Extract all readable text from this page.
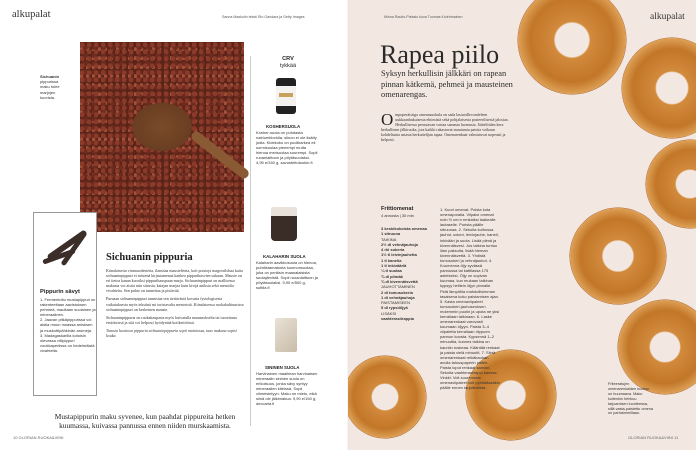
alkupalat	Sanna Maskulin teksti Rio Gandara ja Getty Images
Sichuanin
pippurissa
maku tulee
marjojen
kuorista.
CRV
tykkää
KOSHERSUOLA
Kosher-suola on puhdasta natriumkloridia, siinon ei ole lisätty jodia. Kidekoko on puolikarkea eli sormisuolaa pienempi mutta hienoa merisuolaa suurempi. Sopii ruoanlaittoon ja pöytäsuolaksi. 4,95 e/340 g, savustettutuokin.fi
KALAHARIN SUOLA
Kalaharin aavikkosuola on hienoa, puhdistamatonta luonnonsuolaa, joka on peräisin maanalaisista suolajärvistä. Sopii ruoanlaittoon ja pöytäsuolaksi. 9,90 e/500 g, suttila.fi
SININEN SUOLA
Harvinainen maailman harvinaisen mineraalin sininen suola on erikoisuus, jonka sävy syntyy mineraalien kiteissä. Sopii viimeistelyyn. Maku on mieto, eikä siinä ole jälkimakua. 9,90 e/150 g, deccaria.fi
Pippurin sävyt

1. Fermentoitu mustapippuri on rakenteeltaan aavistuksen pehmeä, maultaan suolainen ja mineraalinen.

2. Jaavan pitkäpippurissa voi aistia muun muassa anisksen ja muskottipähkinän aromeja.

3. Madagaskarilla kotoisin olevassa villipippuri voukkaperiissa on hedelmäisiä vivahteita.

Sichuanin pippuria

Kiinalaisesta vitamuodestetta, ilansitaa mausteleteta, koti potsioja mageorilohaa kaita sichuaninpippuri ei mistenä kirjastamenaa kankea pippurikasvien sukuun. Mauste on eri tietoa kanan kuoriksi pippurihauspuun marja. Sichuaninpippuri on mallisessa makusta voi aistia niin sitrusta, katajan marjaa kuin kivijä aniksia sekä mentolia vivahteita. Sen puhto on tunnettaa ja pistävää.

Puruaan sichuaninpippuri tunnistaa sen tiettävästä kovasta fysiologisesta vaikutuksesta myös tekstinä mi toristavalta menoristä. Kiinalaisessa ruokakulttuurissa sichuaninpippuri on keskeinen mauste.

Sichuaninpippuria on ruokakaupasta myös kuivatulla muunnokselta tai tuorettuna etsittävissä ja sitä voi helposti hyödyntää kotikeittiössä.

Tutustu luontoon pippuria sichuaninpippuria sopii mainiossa, taas mukana sopisi kouka.

Mustapippurin maku syvenee, kun paahdat pippureita hetken kuumassa, kuivassa pannussa ennen niiden murskaamista.
10 GLORIAN RUOKA&VIINI
Minna Rautio-Piekalo kuva Tuomas Kolehmainen	alkupalat
Rapea piilo
Syksyn herkullisin jälkkäri on rapean pinnan kätkemä, pehmeä ja mausteinen omenarengas.
O mpoperäistiga omenasuokula on sada lastuoillecomleleen uukkaanhakuisesta ehtimistä sekä pohjalaisesta pasteerilisestä jalostaa. Herkullisessa perustavan vastaa samasta luomusta. Jäätelöiden kera herkullinen jälkiruoka, jota kaikki rakastavat muutamia paistia voikaan kohdeltuina asiasta herkuttelijan tapaa. Omenarenkaat valmistuvat nopeasti ja helposti.
Frittiomenat
4 annosta | 30 min
3 keskikokoista omenaa
1 sitruuna
TAIKINA
2½ dl vehnäjauhoja
4 rkl sokeria
1½ tl leivinjauhetta
1 tl kanelia
1 tl inkivääriä
¼ tl suolaa
¾ dl piimää
¾ dl kivennäisvettä
JAUHOTTAMINEN
2 dl tomusokeria
1 dl vehnäjauhoja
PAISTAMISEEN
5 dl rypsiöljyä
LISÄKSI
vaahterasiirappia
1. Kuori omenat. Poista kota omenaporalla. Viipaloi omenat noin ½ cm:n renkaiksi laakealle lautaselle. Purista päälle sitruunaa. 2. Sekoita kulhossa jauhot, sokeri, leivinjauhe, kaneli, inkivääri ja suola. Lisää piimä ja kivennäisvesi. Jos taikina tuntuu liian paksulta, lisää hieman kivennäisvettä. 3. Yhdistä tomusokeri ja vehnäjauhot. 4. Kuumenna öljy syvässä pannussa tai kattilassa 175 asteiseksi. Öljy on sopivan kuumaa, kun mukaan taikinan kypsyy heiltein öljyn pinnalle. Pidä lämpötila mahdollisimman tasaisena koko paistamisen ajan. 5. Kasta omenaviipaleet tomusokeri-jauhoseoksen molemmin puolin ja upota ne yksi kerrallaan taikinaan. 6. Laske omenarenkaat varovasti kuumaan öljyyn. Paista 3–4 viipaletta kerrallaan riippuen pannun koosta. Kypsennä 1–2 minuuttia, kunnes taikina on kauniin ruskeaa. Kääntää renkaat ja paista vielä minuutti. 7. Siirrä omenarenkaat reikäkauhan avulla talouspaperin päälle. Paista loput renkaat samoin. Sekoita vaahterasiirappi kanssa. Vinkki: Voit suuremmat omenaviipaleet voit pyöriäässäkin päälle ennen tarjoilemista.
Friteeratujen omenarenkaiden kuoksu on huumaava. Maku kuitenkin hehkuu tarjoamisen luonteessa, sillä vasta-paistettu omena on parhaimmillaan.
GLORIAN RUOKA&VIINI 11
